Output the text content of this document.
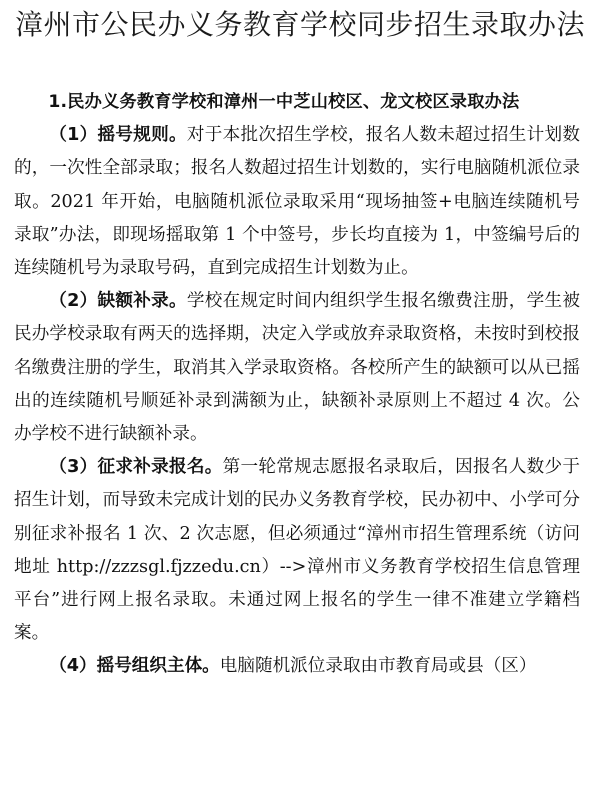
漳州市公民办义务教育学校同步招生录取办法

1.民办义务教育学校和漳州一中芝山校区、龙文校区录取办法

（1）摇号规则。对于本批次招生学校，报名人数未超过招生计划数的，一次性全部录取；报名人数超过招生计划数的，实行电脑随机派位录取。2021 年开始，电脑随机派位录取采用“现场抽签+电脑连续随机号录取”办法，即现场摇取第 1 个中签号，步长均直接为 1，中签编号后的连续随机号为录取号码，直到完成招生计划数为止。

（2）缺额补录。学校在规定时间内组织学生报名缴费注册，学生被民办学校录取有两天的选择期，决定入学或放弃录取资格，未按时到校报名缴费注册的学生，取消其入学录取资格。各校所产生的缺额可以从已摇出的连续随机号顺延补录到满额为止，缺额补录原则上不超过 4 次。公办学校不进行缺额补录。

（3）征求补录报名。第一轮常规志愿报名录取后，因报名人数少于招生计划，而导致未完成计划的民办义务教育学校，民办初中、小学可分别征求补报名 1 次、2 次志愿，但必须通过“漳州市招生管理系统（访问地址 http://zzzsgl.fjzzedu.cn）-->漳州市义务教育学校招生信息管理平台”进行网上报名录取。未通过网上报名的学生一律不准建立学籍档案。

（4）摇号组织主体。电脑随机派位录取由市教育局或县（区）
